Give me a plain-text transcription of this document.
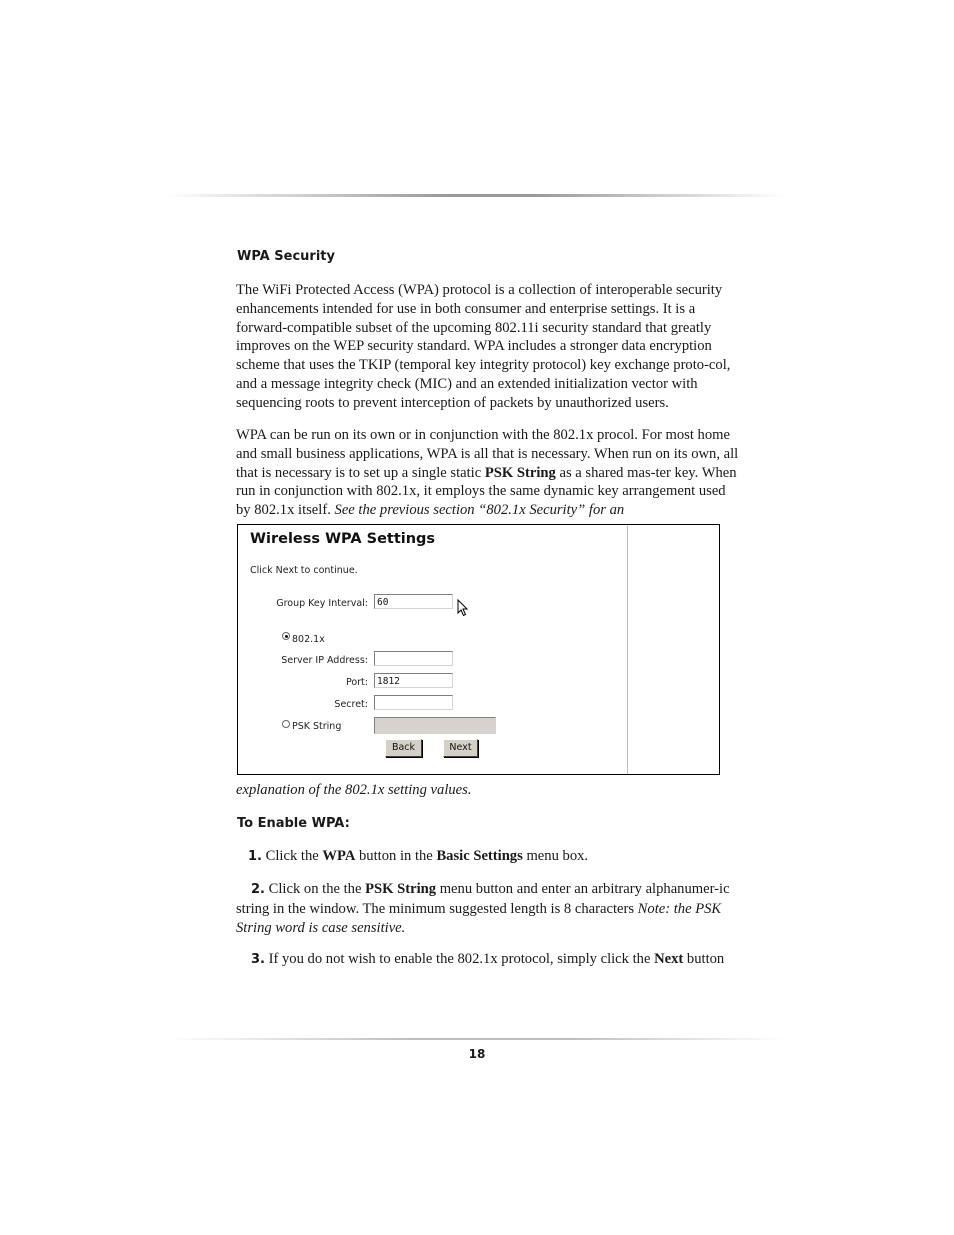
WPA Security

The WiFi Protected Access (WPA) protocol is a collection of interoperable security enhancements intended for use in both consumer and enterprise settings. It is a forward-compatible subset of the upcoming 802.11i security standard that greatly improves on the WEP security standard. WPA includes a stronger data encryption scheme that uses the TKIP (temporal key integrity protocol) key exchange proto-col, and a message integrity check (MIC) and an extended initialization vector with sequencing roots to prevent interception of packets by unauthorized users.

WPA can be run on its own or in conjunction with the 802.1x procol. For most home and small business applications, WPA is all that is necessary. When run on its own, all that is necessary is to set up a single static PSK String as a shared mas-ter key. When run in conjunction with 802.1x, it employs the same dynamic key arrangement used by 802.1x itself. See the previous section “802.1x Security” for an

Wireless WPA Settings
Click Next to continue.
Group Key Interval: 60
802.1x
Server IP Address:
Port: 1812
Secret:
PSK String
Back	Next

explanation of the 802.1x setting values.

To Enable WPA:

1. Click the WPA button in the Basic Settings menu box.

2. Click on the the PSK String menu button and enter an arbitrary alphanumer-ic string in the window. The minimum suggested length is 8 characters Note: the PSK String word is case sensitive.

3. If you do not wish to enable the 802.1x protocol, simply click the Next button

18
